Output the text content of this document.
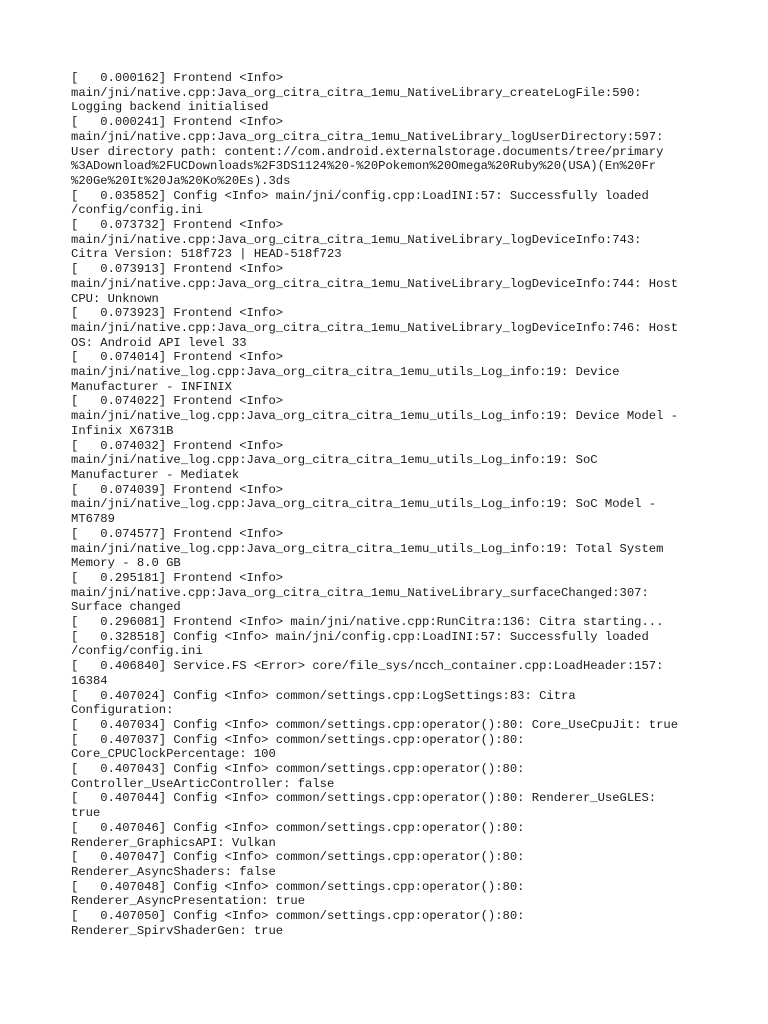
[   0.000162] Frontend <Info>
main/jni/native.cpp:Java_org_citra_citra_1emu_NativeLibrary_createLogFile:590:
Logging backend initialised
[   0.000241] Frontend <Info>
main/jni/native.cpp:Java_org_citra_citra_1emu_NativeLibrary_logUserDirectory:597:
User directory path: content://com.android.externalstorage.documents/tree/primary
%3ADownload%2FUCDownloads%2F3DS1124%20-%20Pokemon%20Omega%20Ruby%20(USA)(En%20Fr
%20Ge%20It%20Ja%20Ko%20Es).3ds
[   0.035852] Config <Info> main/jni/config.cpp:LoadINI:57: Successfully loaded
/config/config.ini
[   0.073732] Frontend <Info>
main/jni/native.cpp:Java_org_citra_citra_1emu_NativeLibrary_logDeviceInfo:743:
Citra Version: 518f723 | HEAD-518f723
[   0.073913] Frontend <Info>
main/jni/native.cpp:Java_org_citra_citra_1emu_NativeLibrary_logDeviceInfo:744: Host
CPU: Unknown
[   0.073923] Frontend <Info>
main/jni/native.cpp:Java_org_citra_citra_1emu_NativeLibrary_logDeviceInfo:746: Host
OS: Android API level 33
[   0.074014] Frontend <Info>
main/jni/native_log.cpp:Java_org_citra_citra_1emu_utils_Log_info:19: Device
Manufacturer - INFINIX
[   0.074022] Frontend <Info>
main/jni/native_log.cpp:Java_org_citra_citra_1emu_utils_Log_info:19: Device Model -
Infinix X6731B
[   0.074032] Frontend <Info>
main/jni/native_log.cpp:Java_org_citra_citra_1emu_utils_Log_info:19: SoC
Manufacturer - Mediatek
[   0.074039] Frontend <Info>
main/jni/native_log.cpp:Java_org_citra_citra_1emu_utils_Log_info:19: SoC Model -
MT6789
[   0.074577] Frontend <Info>
main/jni/native_log.cpp:Java_org_citra_citra_1emu_utils_Log_info:19: Total System
Memory - 8.0 GB
[   0.295181] Frontend <Info>
main/jni/native.cpp:Java_org_citra_citra_1emu_NativeLibrary_surfaceChanged:307:
Surface changed
[   0.296081] Frontend <Info> main/jni/native.cpp:RunCitra:136: Citra starting...
[   0.328518] Config <Info> main/jni/config.cpp:LoadINI:57: Successfully loaded
/config/config.ini
[   0.406840] Service.FS <Error> core/file_sys/ncch_container.cpp:LoadHeader:157:
16384
[   0.407024] Config <Info> common/settings.cpp:LogSettings:83: Citra
Configuration:
[   0.407034] Config <Info> common/settings.cpp:operator():80: Core_UseCpuJit: true
[   0.407037] Config <Info> common/settings.cpp:operator():80:
Core_CPUClockPercentage: 100
[   0.407043] Config <Info> common/settings.cpp:operator():80:
Controller_UseArticController: false
[   0.407044] Config <Info> common/settings.cpp:operator():80: Renderer_UseGLES:
true
[   0.407046] Config <Info> common/settings.cpp:operator():80:
Renderer_GraphicsAPI: Vulkan
[   0.407047] Config <Info> common/settings.cpp:operator():80:
Renderer_AsyncShaders: false
[   0.407048] Config <Info> common/settings.cpp:operator():80:
Renderer_AsyncPresentation: true
[   0.407050] Config <Info> common/settings.cpp:operator():80:
Renderer_SpirvShaderGen: true
